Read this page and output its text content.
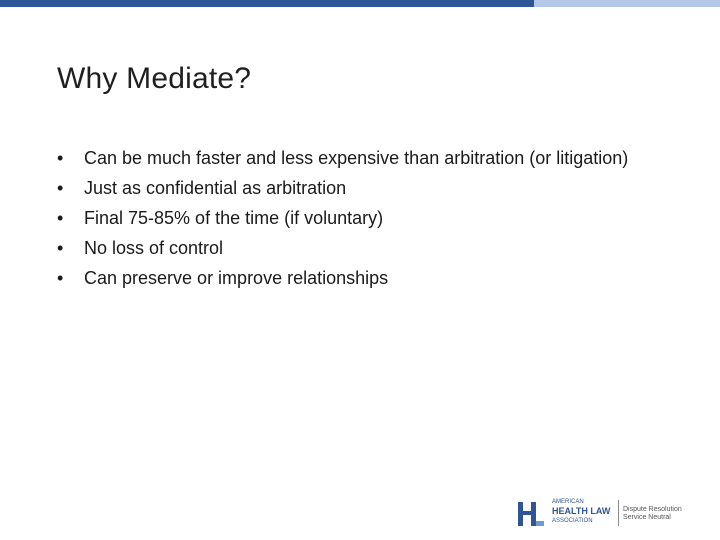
Why Mediate?
• Can be much faster and less expensive than arbitration (or litigation)
• Just as confidential as arbitration
• Final 75-85% of the time (if voluntary)
• No loss of control
• Can preserve or improve relationships
AMERICAN
HEALTH LAW
ASSOCIATION
Dispute Resolution
Service Neutral
